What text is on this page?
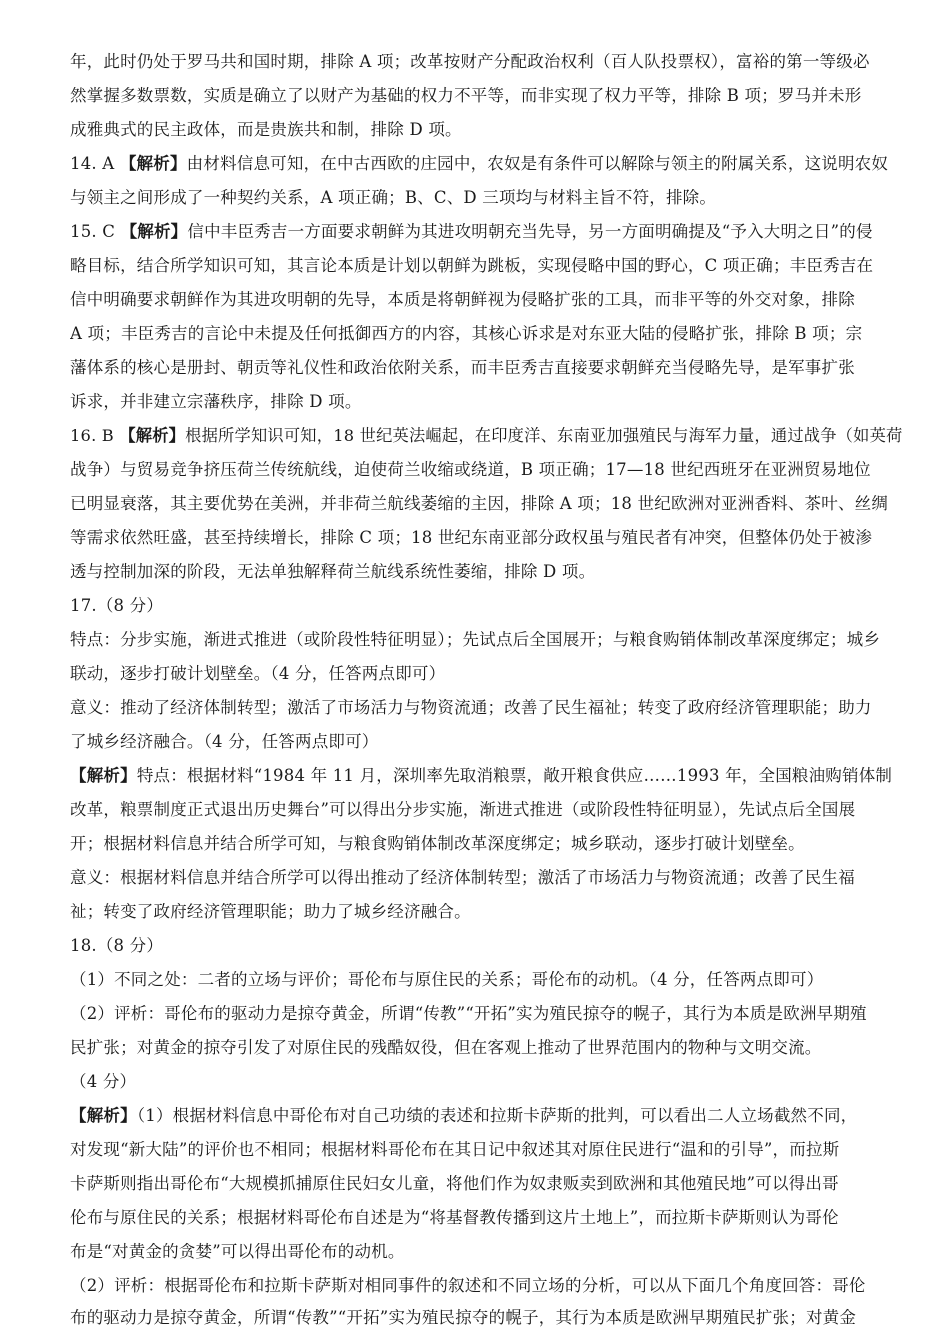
年，此时仍处于罗马共和国时期，排除 A 项；改革按财产分配政治权利（百人队投票权），富裕的第一等级必
然掌握多数票数，实质是确立了以财产为基础的权力不平等，而非实现了权力平等，排除 B 项；罗马并未形
成雅典式的民主政体，而是贵族共和制，排除 D 项。
14. A 【解析】由材料信息可知，在中古西欧的庄园中，农奴是有条件可以解除与领主的附属关系，这说明农奴
与领主之间形成了一种契约关系，A 项正确；B、C、D 三项均与材料主旨不符，排除。
15. C 【解析】信中丰臣秀吉一方面要求朝鲜为其进攻明朝充当先导，另一方面明确提及“予入大明之日”的侵
略目标，结合所学知识可知，其言论本质是计划以朝鲜为跳板，实现侵略中国的野心，C 项正确；丰臣秀吉在
信中明确要求朝鲜作为其进攻明朝的先导，本质是将朝鲜视为侵略扩张的工具，而非平等的外交对象，排除
A 项；丰臣秀吉的言论中未提及任何抵御西方的内容，其核心诉求是对东亚大陆的侵略扩张，排除 B 项；宗
藩体系的核心是册封、朝贡等礼仪性和政治依附关系，而丰臣秀吉直接要求朝鲜充当侵略先导，是军事扩张
诉求，并非建立宗藩秩序，排除 D 项。
16. B 【解析】根据所学知识可知，18 世纪英法崛起，在印度洋、东南亚加强殖民与海军力量，通过战争（如英荷
战争）与贸易竞争挤压荷兰传统航线，迫使荷兰收缩或绕道，B 项正确；17—18 世纪西班牙在亚洲贸易地位
已明显衰落，其主要优势在美洲，并非荷兰航线萎缩的主因，排除 A 项；18 世纪欧洲对亚洲香料、茶叶、丝绸
等需求依然旺盛，甚至持续增长，排除 C 项；18 世纪东南亚部分政权虽与殖民者有冲突，但整体仍处于被渗
透与控制加深的阶段，无法单独解释荷兰航线系统性萎缩，排除 D 项。
17.（8 分）
特点：分步实施，渐进式推进（或阶段性特征明显）；先试点后全国展开；与粮食购销体制改革深度绑定；城乡
联动，逐步打破计划壁垒。（4 分，任答两点即可）
意义：推动了经济体制转型；激活了市场活力与物资流通；改善了民生福祉；转变了政府经济管理职能；助力
了城乡经济融合。（4 分，任答两点即可）
【解析】特点：根据材料“1984 年 11 月，深圳率先取消粮票，敞开粮食供应……1993 年，全国粮油购销体制
改革，粮票制度正式退出历史舞台”可以得出分步实施，渐进式推进（或阶段性特征明显），先试点后全国展
开；根据材料信息并结合所学可知，与粮食购销体制改革深度绑定；城乡联动，逐步打破计划壁垒。
意义：根据材料信息并结合所学可以得出推动了经济体制转型；激活了市场活力与物资流通；改善了民生福
祉；转变了政府经济管理职能；助力了城乡经济融合。
18.（8 分）
（1）不同之处：二者的立场与评价；哥伦布与原住民的关系；哥伦布的动机。（4 分，任答两点即可）
（2）评析：哥伦布的驱动力是掠夺黄金，所谓“传教”“开拓”实为殖民掠夺的幌子，其行为本质是欧洲早期殖
民扩张；对黄金的掠夺引发了对原住民的残酷奴役，但在客观上推动了世界范围内的物种与文明交流。
（4 分）
【解析】（1）根据材料信息中哥伦布对自己功绩的表述和拉斯卡萨斯的批判，可以看出二人立场截然不同，
对发现“新大陆”的评价也不相同；根据材料哥伦布在其日记中叙述其对原住民进行“温和的引导”，而拉斯
卡萨斯则指出哥伦布“大规模抓捕原住民妇女儿童，将他们作为奴隶贩卖到欧洲和其他殖民地”可以得出哥
伦布与原住民的关系；根据材料哥伦布自述是为“将基督教传播到这片土地上”，而拉斯卡萨斯则认为哥伦
布是“对黄金的贪婪”可以得出哥伦布的动机。
（2）评析：根据哥伦布和拉斯卡萨斯对相同事件的叙述和不同立场的分析，可以从下面几个角度回答：哥伦
布的驱动力是掠夺黄金，所谓“传教”“开拓”实为殖民掠夺的幌子，其行为本质是欧洲早期殖民扩张；对黄金
